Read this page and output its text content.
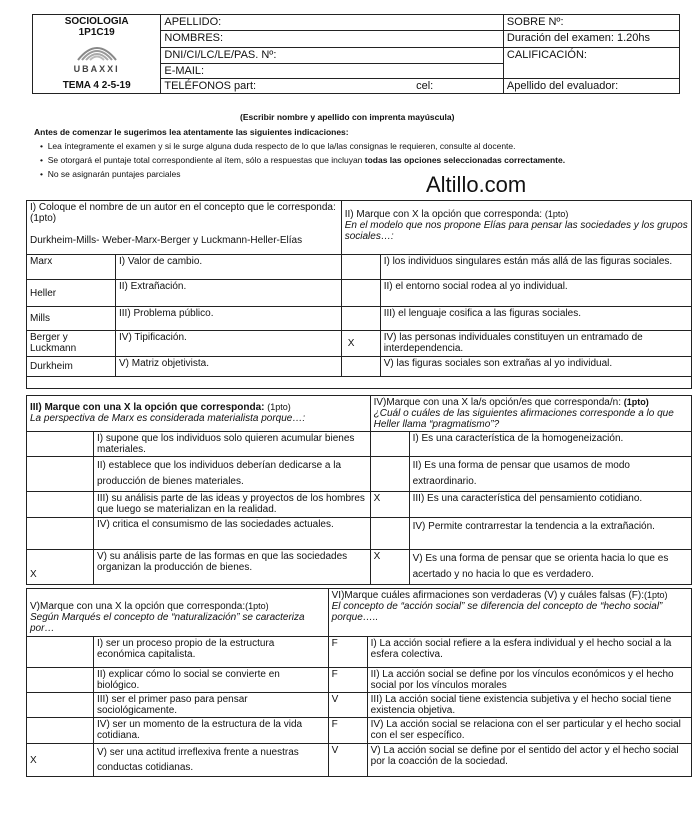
SOCIOLOGIA
1P1C19
UBAXXI	APELLIDO:	SOBRE Nº:
	NOMBRES:	Duración del examen: 1.20hs
	DNI/CI/LC/LE/PAS. Nº:	CALIFICACIÓN:
	E-MAIL:	
TEMA 4 2-5-19	TELÉFONOS part: cel:	Apellido del evaluador:
(Escribir nombre y apellido con imprenta mayúscula)
Antes de comenzar le sugerimos lea atentamente las siguientes indicaciones:
•  Lea íntegramente el examen y si le surge alguna duda respecto de lo que la/las consignas le requieren, consulte al docente.
•  Se otorgará el puntaje total correspondiente al ítem, sólo a respuestas que incluyan todas las opciones seleccionadas correctamente.
•  No se asignarán puntajes parciales	Altillo.com
I) Coloque el nombre de un autor en el concepto que le corresponda:(1pto)

Durkheim-Mills- Weber-Marx-Berger y Luckmann-Heller-Elías		II) Marque con X la opción que corresponda: (1pto)
En el modelo que nos propone Elías para pensar las sociedades y los grupos sociales…:	
Marx	I) Valor de cambio.		I) los individuos singulares están más allá de las figuras sociales.
Heller	II) Extrañación.		II) el entorno social rodea al yo individual.
Mills	III) Problema público.		III) el lenguaje cosifica a las figuras sociales.
Berger y Luckmann	IV) Tipificación.	X	IV) las personas individuales constituyen un entramado de interdependencia.
Durkheim	V) Matriz objetivista.		V) las figuras sociales son extrañas al yo individual.

III) Marque con una X la opción que corresponda: (1pto)
La perspectiva de Marx es considerada materialista porque…:		IV)Marque con una X la/s opción/es que corresponda/n: (1pto)
¿Cuál o cuáles de las siguientes afirmaciones corresponde a lo que Heller llama “pragmatismo”?	
	I) supone que los individuos solo quieren acumular bienes materiales.		I) Es una característica de la homogeneización.
	II) establece que los individuos deberían dedicarse a la producción de bienes materiales.		II) Es una forma de pensar que usamos de modo extraordinario.
	III) su análisis parte de las ideas y proyectos de los hombres que luego se materializan en la realidad.	X	III) Es una característica del pensamiento cotidiano.
	IV) critica el consumismo de las sociedades actuales.		IV) Permite contrarrestar la tendencia a la extrañación.
X	V) su análisis parte de las formas en que las sociedades organizan la producción de bienes.	X	V) Es una forma de pensar que se orienta hacia lo que es acertado y no hacia lo que es verdadero.
V)Marque con una X la opción que corresponda:(1pto)
Según Marqués el concepto de “naturalización” se caracteriza por…		VI)Marque cuáles afirmaciones son verdaderas (V) y cuáles falsas (F):(1pto)
El concepto de “acción social” se diferencia del concepto de “hecho social” porque…..	
	I) ser un proceso propio de la estructura económica capitalista.	F	I) La acción social refiere a la esfera individual y el hecho social a la esfera colectiva.
	II) explicar cómo lo social se convierte en biológico.	F	II) La acción social se define por los vínculos económicos y el hecho social por los vínculos morales
	III) ser el primer paso para pensar sociológicamente.	V	III) La acción social tiene existencia subjetiva y el hecho social tiene existencia objetiva.
	IV) ser un momento de la estructura de la vida cotidiana.	F	IV) La acción social se relaciona con el ser particular y el hecho social con el ser específico.
X	V) ser una actitud irreflexiva frente a nuestras conductas cotidianas.	V	V) La acción social se define por el sentido del actor y el hecho social por la coacción de la sociedad.
